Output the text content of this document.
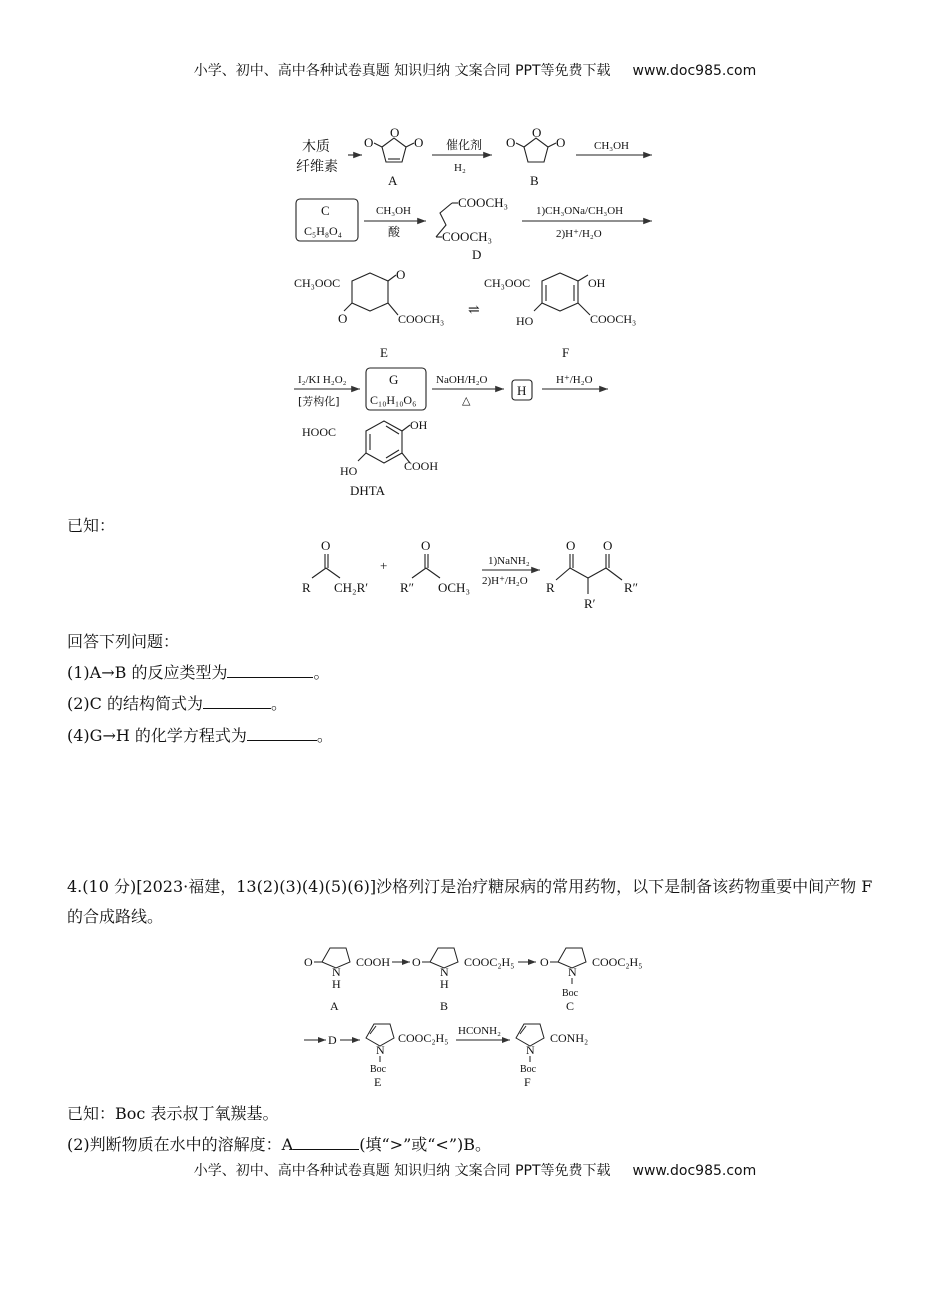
小学、初中、高中各种试卷真题 知识归纳 文案合同 PPT等免费下载 www.doc985.com
木质
纤维素
O
O	O
A
催化剂
H₂
O
O	O
B
CH₃OH
C
C₅H₈O₄
CH₃OH
酸
COOCH₃
COOCH₃
D
1)CH₃ONa/CH₃OH
2)H⁺/H₂O
CH₃OOC
O
O	COOCH₃
⇌
E
CH₃OOC	OH
HO	COOCH₃
F
I₂/KI H₂O₂
[芳构化]
G
C₁₀H₁₀O₆
NaOH/H₂O
△
H
H⁺/H₂O
HOOC	OH
HO	COOH
DHTA
已知：
O
R CH₂R′
+
O
R″ OCH₃
1)NaNH₂
2)H⁺/H₂O R
O
R′
O
R″
回答下列问题：
(1)A→B 的反应类型为	。
(2)C 的结构简式为	。
(4)G→H 的化学方程式为	。
4.(10 分)[2023·福建，13(2)(3)(4)(5)(6)]沙格列汀是治疗糖尿病的常用药物，以下是制备该药物重要中间产物 F 的合成路线。
O
N
H
COOH
A
O
N
H
COOC₂H₅
B
O
N
Boc
COOC₂H₅
C
D
N
Boc
COOC₂H₅
E
HCONH₂
N
Boc
CONH₂
F
已知：Boc 表示叔丁氧羰基。
(2)判断物质在水中的溶解度：A	(填“>”或“<”)B。
小学、初中、高中各种试卷真题 知识归纳 文案合同 PPT等免费下载 www.doc985.com
